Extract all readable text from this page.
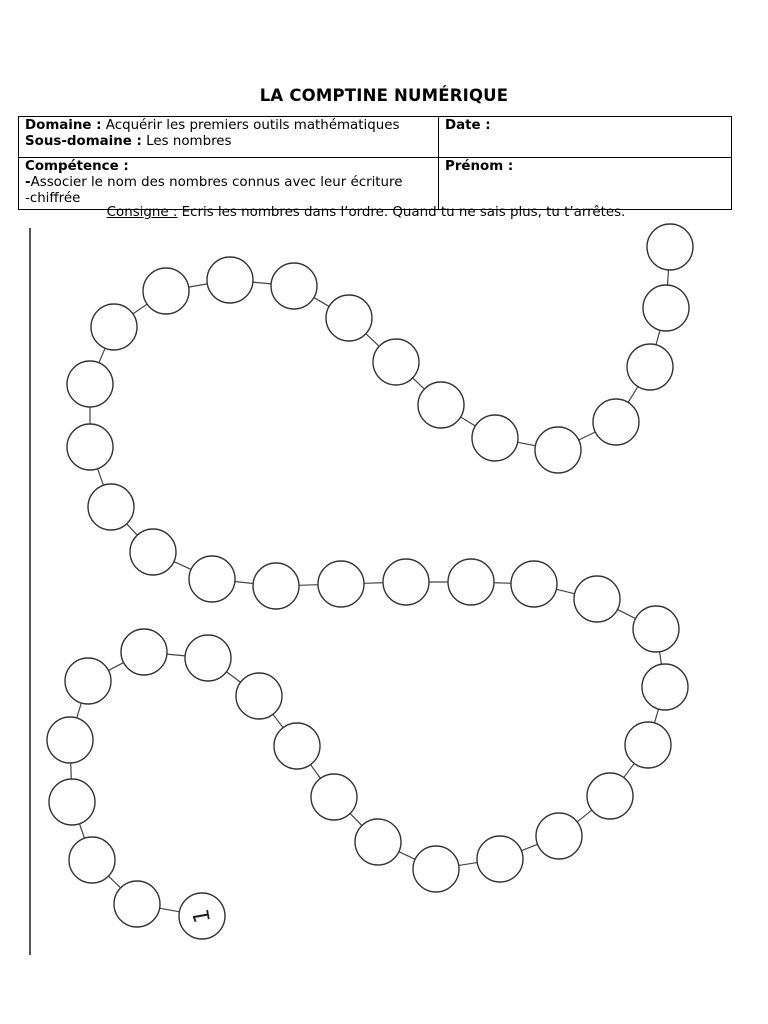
LA COMPTINE NUMÉRIQUE
Domaine : Acquérir les premiers outils mathématiques
Sous-domaine : Les nombres	Date :
Compétence :
-Associer le nom des nombres connus avec leur écriture
-chiffrée	Prénom :
Consigne : Ecris les nombres dans l’ordre. Quand tu ne sais plus, tu t’arrêtes.
1
